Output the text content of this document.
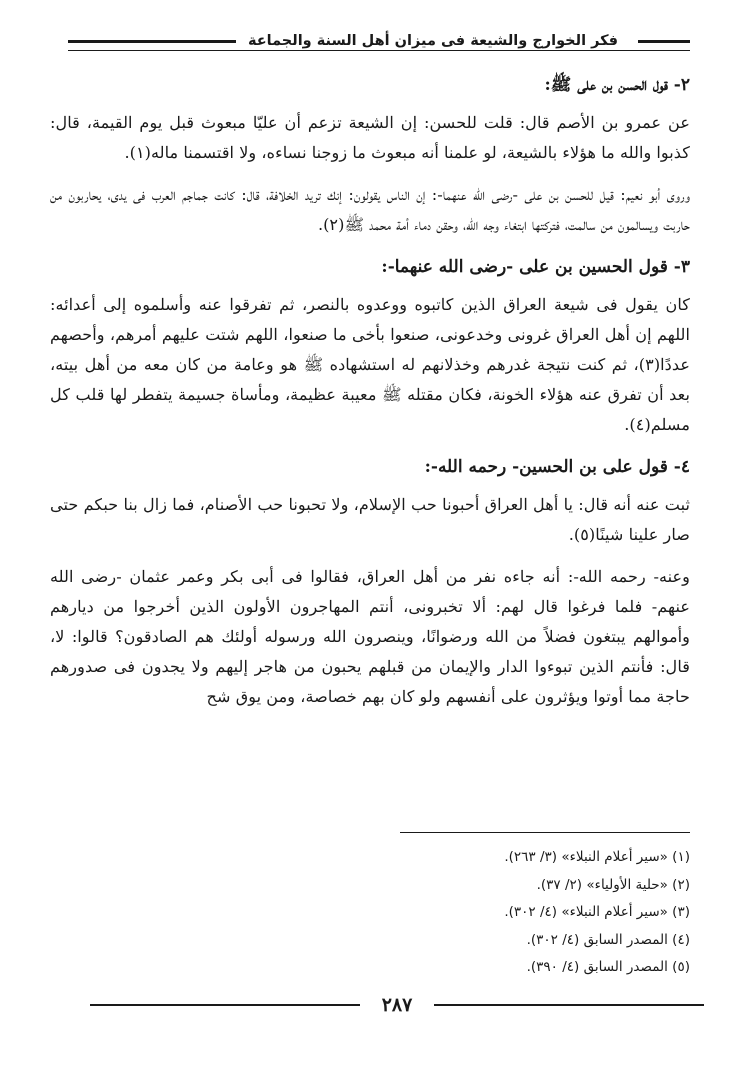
فكر الخوارج والشيعة فى ميزان أهل السنة والجماعة
٢- قول الحسن بن على ﷺ:

عن عمرو بن الأصم قال: قلت للحسن: إن الشيعة تزعم أن عليّا مبعوث قبل يوم القيمة، قال: كذبوا والله ما هؤلاء بالشيعة، لو علمنا أنه مبعوث ما زوجنا نساءه، ولا اقتسمنا ماله(١).

وروى أبو نعيم: قيل للحسن بن على -رضى الله عنهما-: إن الناس يقولون: إنك تريد الخلافة، قال: كانت جماجم العرب فى يدى، يحاربون من حاربت ويسالمون من سالمت، فتركتها ابتغاء وجه الله، وحقن دماء أمة محمد ﷺ(٢).

٣- قول الحسين بن على -رضى الله عنهما-:

كان يقول فى شيعة العراق الذين كاتبوه ووعدوه بالنصر، ثم تفرقوا عنه وأسلموه إلى أعدائه: اللهم إن أهل العراق غرونى وخدعونى، صنعوا بأخى ما صنعوا، اللهم شتت عليهم أمرهم، وأحصهم عددًا(٣)، ثم كنت نتيجة غدرهم وخذلانهم له استشهاده ﷺ هو وعامة من كان معه من أهل بيته، بعد أن تفرق عنه هؤلاء الخونة، فكان مقتله ﷺ معيبة عظيمة، ومأساة جسيمة يتفطر لها قلب كل مسلم(٤).

٤- قول على بن الحسين- رحمه الله-:

ثبت عنه أنه قال: يا أهل العراق أحبونا حب الإسلام، ولا تحبونا حب الأصنام، فما زال بنا حبكم حتى صار علينا شينًا(٥).

وعنه- رحمه الله-: أنه جاءه نفر من أهل العراق، فقالوا فى أبى بكر وعمر عثمان -رضى الله عنهم- فلما فرغوا قال لهم: ألا تخبرونى، أنتم المهاجرون الأولون الذين أخرجوا من ديارهم وأموالهم يبتغون فضلاً من الله ورضوانًا، وينصرون الله ورسوله أولئك هم الصادقون؟ قالوا: لا، قال: فأنتم الذين تبوءوا الدار والإيمان من قبلهم يحبون من هاجر إليهم ولا يجدون فى صدورهم حاجة مما أوتوا ويؤثرون على أنفسهم ولو كان بهم خصاصة، ومن يوق شح

(١) «سير أعلام النبلاء» (٣/ ٢٦٣).
(٢) «حلية الأولياء» (٢/ ٣٧).
(٣) «سير أعلام النبلاء» (٤/ ٣٠٢).
(٤) المصدر السابق (٤/ ٣٠٢).
(٥) المصدر السابق (٤/ ٣٩٠).
٢٨٧
